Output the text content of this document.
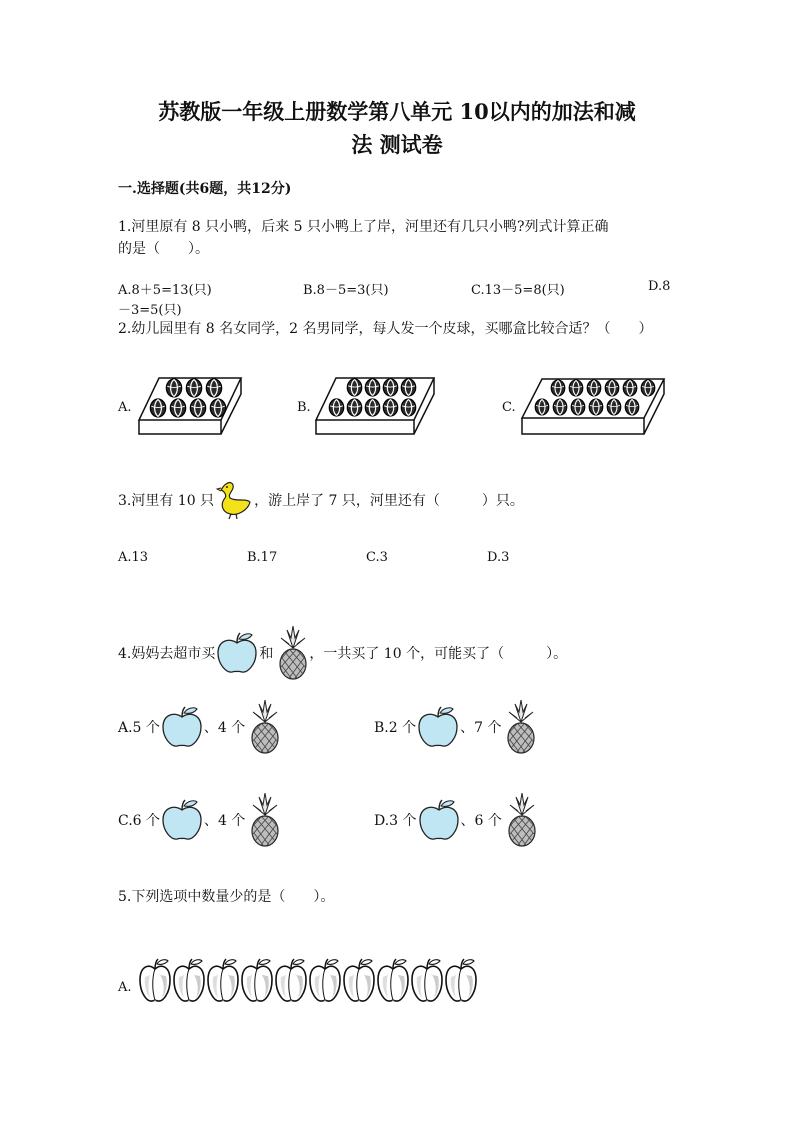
苏教版一年级上册数学第八单元 10以内的加法和减
法 测试卷
一.选择题(共6题，共12分)
1.河里原有 8 只小鸭，后来 5 只小鸭上了岸，河里还有几只小鸭?列式计算正确
的是（　　）。
A.8＋5=13(只)	B.8－5=3(只)	C.13－5=8(只)	D.8
－3=5(只)
2.幼儿园里有 8 名女同学，2 名男同学，每人发一个皮球，买哪盒比较合适？（　　）
A.	B.	C.
3.河里有 10 只	，游上岸了 7 只，河里还有（　　　）只。
A.13	B.17	C.3	D.3
4.妈妈去超市买	和	，一共买了 10 个，可能买了（　　　）。
A.5 个	、4 个	B.2 个	、7 个
C.6 个	、4 个	D.3 个	、6 个
5.下列选项中数量少的是（　　）。
A.
